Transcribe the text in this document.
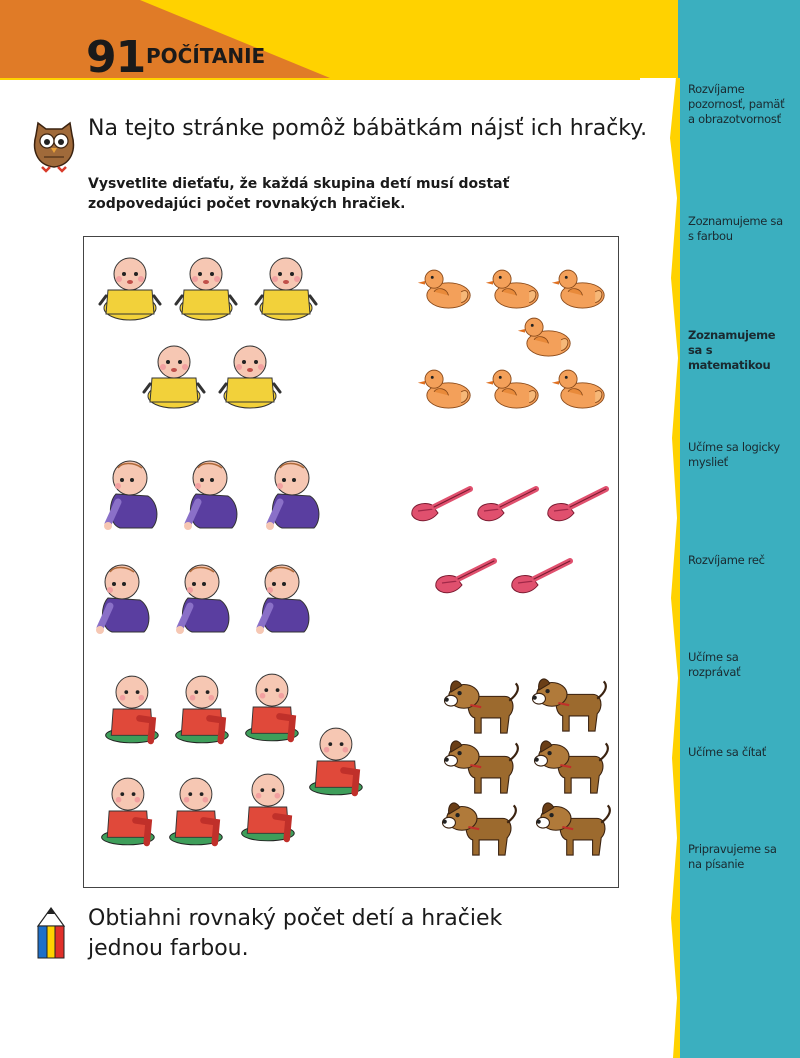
91 POČÍTANIE
Rozvíjame pozornosť, pamäť a obrazotvornosť
Zoznamujeme sa s farbou
Zoznamujeme sa s matematikou
Učíme sa logicky myslieť
Rozvíjame reč
Učíme sa rozprávať
Učíme sa čítať
Pripravujeme sa na písanie
Na tejto stránke pomôž bábätkám nájsť ich hračky.
Vysvetlite dieťaťu, že každá skupina detí musí dostať zodpovedajúci počet rovnakých hračiek.
Obtiahni rovnaký počet detí a hračiek jednou farbou.
